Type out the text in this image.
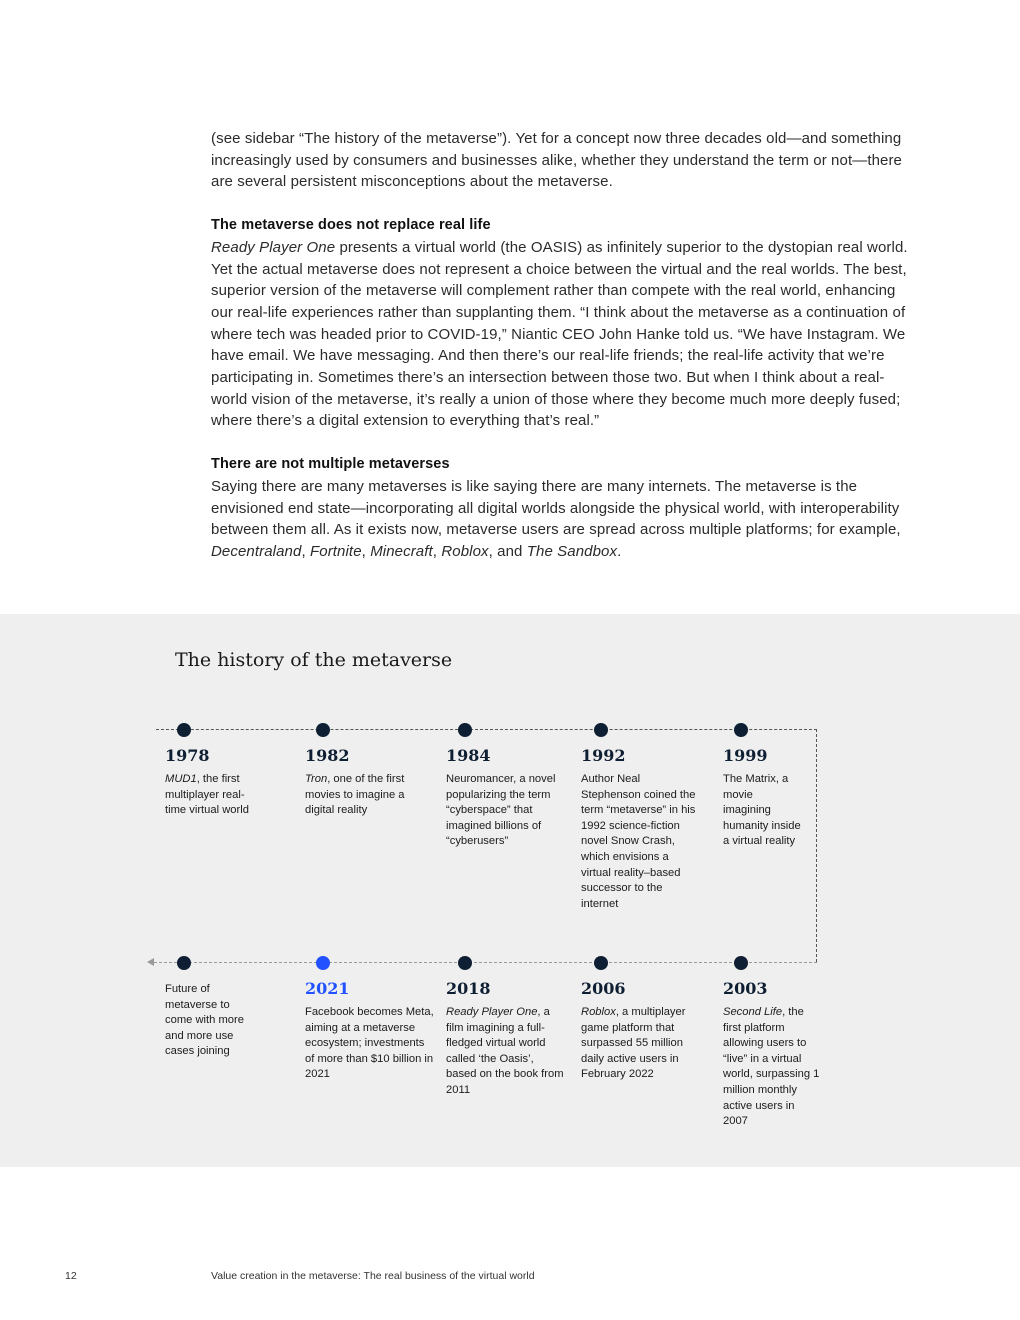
(see sidebar “The history of the metaverse”). Yet for a concept now three decades old—and something increasingly used by consumers and businesses alike, whether they understand the term or not—there are several persistent misconceptions about the metaverse.

The metaverse does not replace real life

Ready Player One presents a virtual world (the OASIS) as infinitely superior to the dystopian real world. Yet the actual metaverse does not represent a choice between the virtual and the real worlds. The best, superior version of the metaverse will complement rather than compete with the real world, enhancing our real-life experiences rather than supplanting them. “I think about the metaverse as a continuation of where tech was headed prior to COVID-19,” Niantic CEO John Hanke told us. “We have Instagram. We have email. We have messaging. And then there’s our real-life friends; the real-life activity that we’re participating in. Sometimes there’s an intersection between those two. But when I think about a real-world vision of the metaverse, it’s really a union of those where they become much more deeply fused; where there’s a digital extension to everything that’s real.”

There are not multiple metaverses

Saying there are many metaverses is like saying there are many internets. The metaverse is the envisioned end state—incorporating all digital worlds alongside the physical world, with interoperability between them all. As it exists now, metaverse users are spread across multiple platforms; for example, Decentraland, Fortnite, Minecraft, Roblox, and The Sandbox.

The history of the metaverse
1978
MUD1, the first multiplayer real-time virtual world
1982
Tron, one of the first movies to imagine a digital reality
1984
Neuromancer, a novel popularizing the term “cyberspace” that imagined billions of “cyberusers”
1992
Author Neal Stephenson coined the term “metaverse” in his 1992 science-fiction novel Snow Crash, which envisions a virtual reality–based successor to the internet
1999
The Matrix, a movie imagining humanity inside a virtual reality
Future of metaverse to come with more and more use cases joining
2021
Facebook becomes Meta, aiming at a metaverse ecosystem; investments of more than $10 billion in 2021
2018
Ready Player One, a film imagining a full-fledged virtual world called ‘the Oasis’, based on the book from 2011
2006
Roblox, a multiplayer game platform that surpassed 55 million daily active users in February 2022
2003
Second Life, the first platform allowing users to “live” in a virtual world, surpassing 1 million monthly active users in 2007
12	Value creation in the metaverse: The real business of the virtual world
